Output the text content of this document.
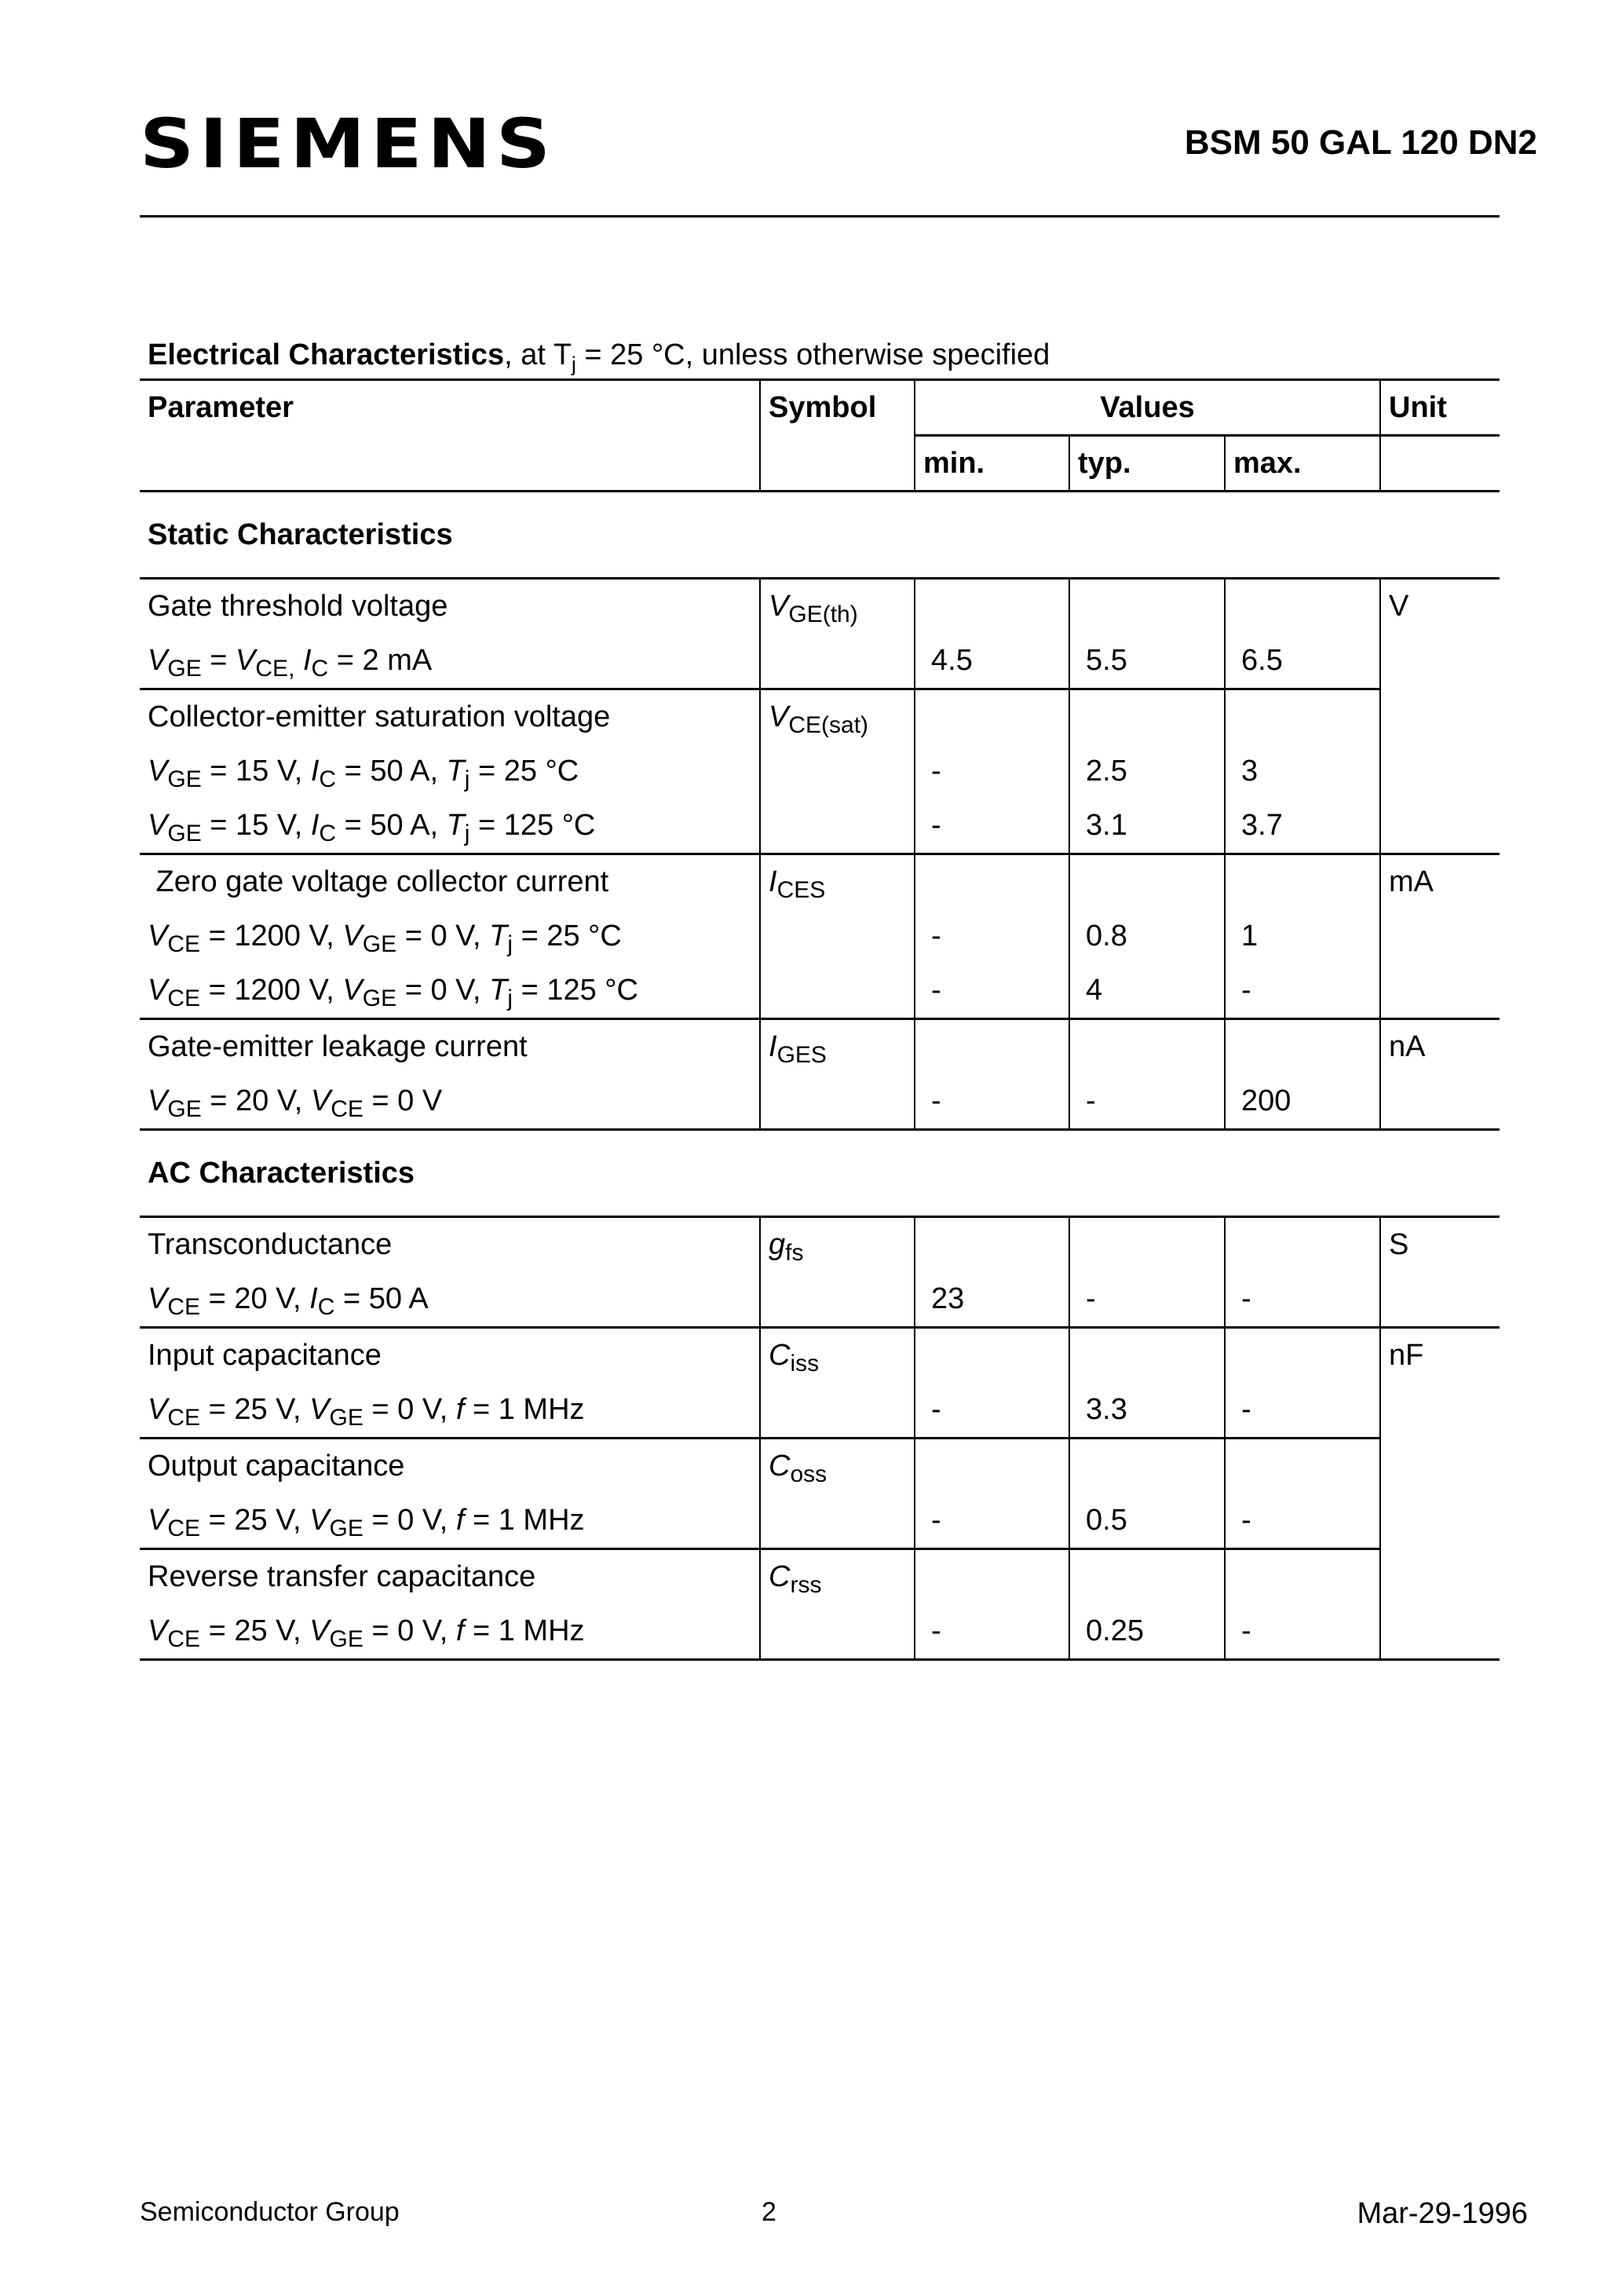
SIEMENS	BSM 50 GAL 120 DN2
Electrical Characteristics, at $T_j = 25$ °C, unless otherwise specified
Parameter	Symbol	Values			Unit
		min.	typ.	max.	
Static Characteristics					
Gate threshold voltage	$V_{GE(th)}$				V
$V_{GE} = V_{CE,}$ $I_C = 2$ mA		4.5	5.5	6.5	
Collector-emitter saturation voltage	$V_{CE(sat)}$			
$V_{GE} = 15$ V, $I_C = 50$ A, $T_j = 25$ °C		-	2.5	3	
$V_{GE} = 15$ V, $I_C = 50$ A, $T_j = 125$ °C		-	3.1	3.7	
Zero gate voltage collector current	$I_{CES}$				mA
$V_{CE} = 1200$ V, $V_{GE} = 0$ V, $T_j = 25$ °C		-	0.8	1	
$V_{CE} = 1200$ V, $V_{GE} = 0$ V, $T_j = 125$ °C		-	4	-	
Gate-emitter leakage current	$I_{GES}$				nA
$V_{GE} = 20$ V, $V_{CE} = 0$ V		-	-	200	
AC Characteristics					
Transconductance	$g_{fs}$				S
$V_{CE} = 20$ V, $I_C = 50$ A		23	-	-	
Input capacitance	$C_{iss}$				nF
$V_{CE} = 25$ V, $V_{GE} = 0$ V, f = 1 MHz		-	3.3	-	
Output capacitance	$C_{oss}$			
$V_{CE} = 25$ V, $V_{GE} = 0$ V, f = 1 MHz		-	0.5	-	
Reverse transfer capacitance	$C_{rss}$			
$V_{CE} = 25$ V, $V_{GE} = 0$ V, f = 1 MHz		-	0.25	-	
Semiconductor Group	2	Mar-29-1996
